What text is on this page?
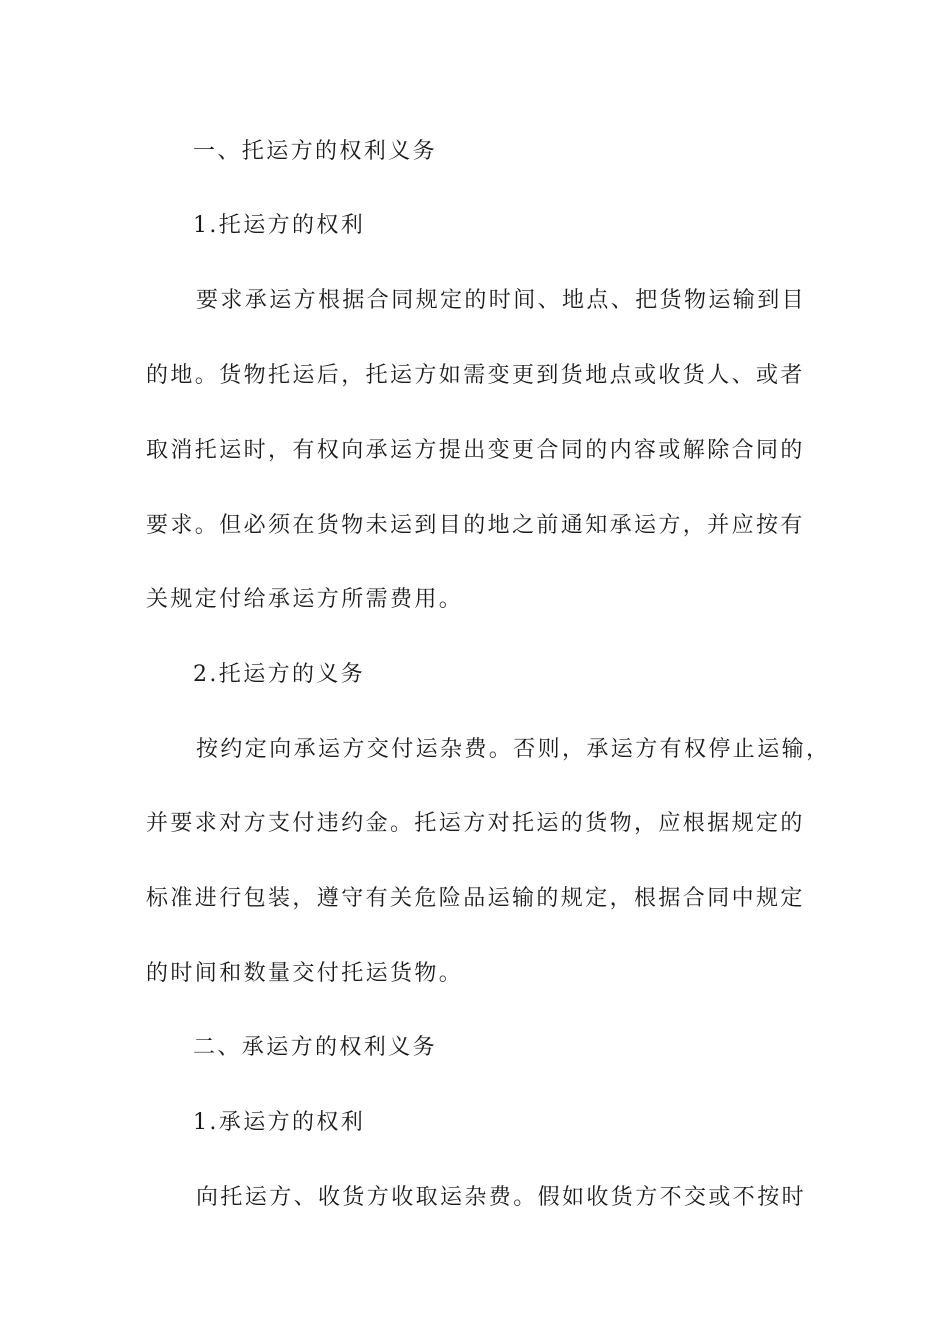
一、托运方的权利义务
1.托运方的权利
要求承运方根据合同规定的时间、地点、把货物运输到目
的地。货物托运后，托运方如需变更到货地点或收货人、或者
取消托运时，有权向承运方提出变更合同的内容或解除合同的
要求。但必须在货物未运到目的地之前通知承运方，并应按有
关规定付给承运方所需费用。
2.托运方的义务
按约定向承运方交付运杂费。否则，承运方有权停止运输，
并要求对方支付违约金。托运方对托运的货物，应根据规定的
标准进行包装，遵守有关危险品运输的规定，根据合同中规定
的时间和数量交付托运货物。
二、承运方的权利义务
1.承运方的权利
向托运方、收货方收取运杂费。假如收货方不交或不按时
